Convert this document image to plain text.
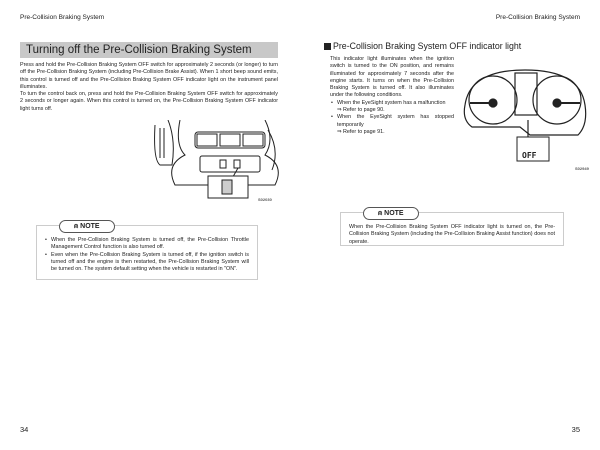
Pre-Collision Braking System	Pre-Collision Braking System
Turning off the Pre-Collision Braking System
Press and hold the Pre-Collision Braking System OFF switch for approximately 2 seconds (or longer) to turn off the Pre-Collision Braking System (including Pre-Collision Brake Assist). When 1 short beep sound emits, this control is turned off and the Pre-Collision Braking System OFF indicator light on the instrument panel illuminates.
To turn the control back on, press and hold the Pre-Collision Braking System OFF switch for approximately 2 seconds or longer again. When this control is turned on, the Pre-Collision Braking System OFF indicator light turns off.
S02030
⍝ NOTE
• When the Pre-Collision Braking System is turned off, the Pre-Collision Throttle Management Control function is also turned off.
• Even when the Pre-Collision Braking System is turned off, if the ignition switch is turned off and the engine is then restarted, the Pre-Collision Braking System will be turned on. The system default setting when the vehicle is restarted in "ON".
Pre-Collision Braking System OFF indicator light
This indicator light illuminates when the ignition switch is turned to the ON position, and remains illuminated for approximately 7 seconds after the engine starts. It turns on when the Pre-Collision Braking System is turned off. It also illuminates under the following conditions.
• When the EyeSight system has a malfunction
⇒ Refer to page 90.
• When the EyeSight system has stopped temporarily
⇒ Refer to page 91.
OFF
S02949
⍝ NOTE
When the Pre-Collision Braking System OFF indicator light is turned on, the Pre-Collision Braking System (including the Pre-Collision Braking Assist function) does not operate.
34	35
